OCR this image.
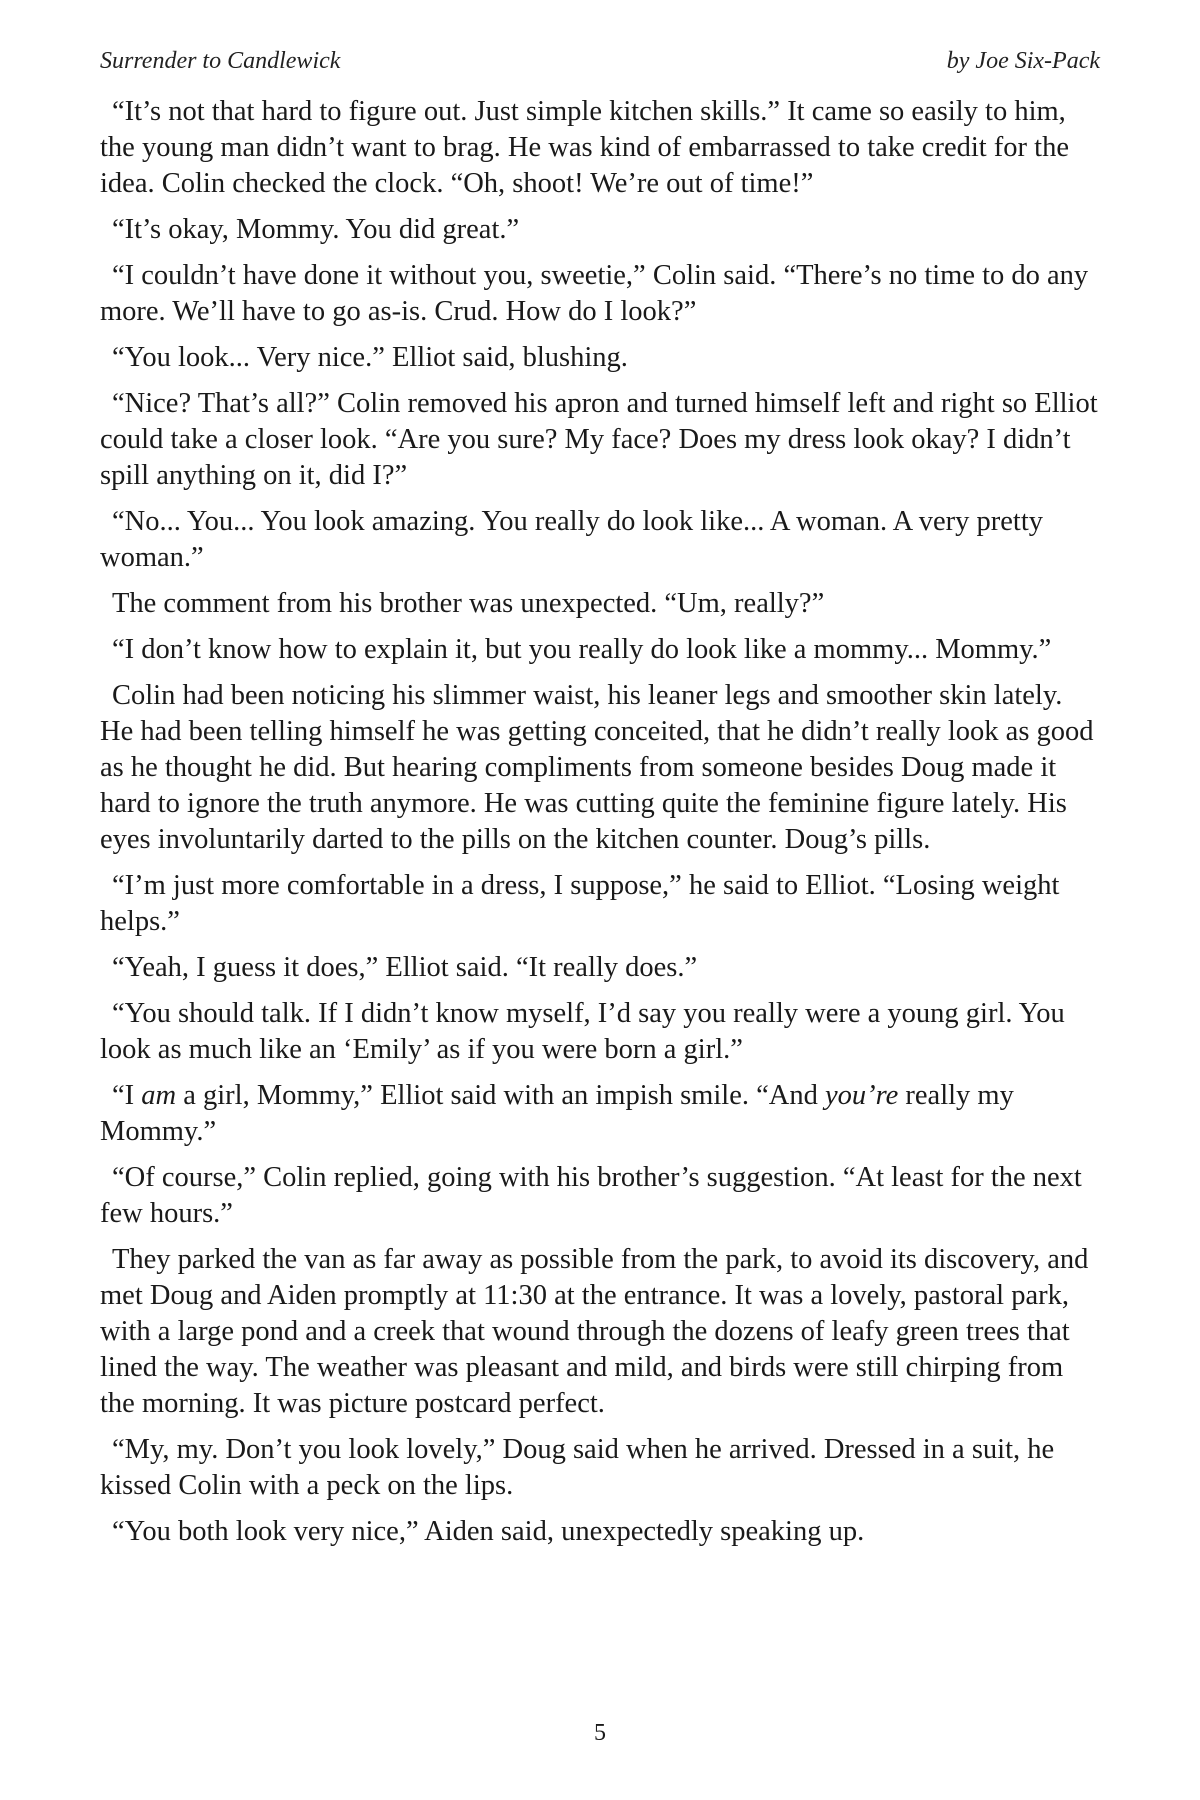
Surrender to Candlewick	by Joe Six-Pack

“It’s not that hard to figure out. Just simple kitchen skills.” It came so easily to him, the young man didn’t want to brag. He was kind of embarrassed to take credit for the idea. Colin checked the clock. “Oh, shoot! We’re out of time!”

“It’s okay, Mommy. You did great.”

“I couldn’t have done it without you, sweetie,” Colin said. “There’s no time to do any more. We’ll have to go as-is. Crud. How do I look?”

“You look... Very nice.” Elliot said, blushing.

“Nice? That’s all?” Colin removed his apron and turned himself left and right so Elliot could take a closer look. “Are you sure? My face? Does my dress look okay? I didn’t spill anything on it, did I?”

“No... You... You look amazing. You really do look like... A woman. A very pretty woman.”

The comment from his brother was unexpected. “Um, really?”

“I don’t know how to explain it, but you really do look like a mommy... Mommy.”

Colin had been noticing his slimmer waist, his leaner legs and smoother skin lately. He had been telling himself he was getting conceited, that he didn’t really look as good as he thought he did. But hearing compliments from someone besides Doug made it hard to ignore the truth anymore. He was cutting quite the feminine figure lately. His eyes involuntarily darted to the pills on the kitchen counter. Doug’s pills.

“I’m just more comfortable in a dress, I suppose,” he said to Elliot. “Losing weight helps.”

“Yeah, I guess it does,” Elliot said. “It really does.”

“You should talk. If I didn’t know myself, I’d say you really were a young girl. You look as much like an ‘Emily’ as if you were born a girl.”

“I am a girl, Mommy,” Elliot said with an impish smile. “And you’re really my Mommy.”

“Of course,” Colin replied, going with his brother’s suggestion. “At least for the next few hours.”

They parked the van as far away as possible from the park, to avoid its discovery, and met Doug and Aiden promptly at 11:30 at the entrance. It was a lovely, pastoral park, with a large pond and a creek that wound through the dozens of leafy green trees that lined the way. The weather was pleasant and mild, and birds were still chirping from the morning. It was picture postcard perfect.

“My, my. Don’t you look lovely,” Doug said when he arrived. Dressed in a suit, he kissed Colin with a peck on the lips.

“You both look very nice,” Aiden said, unexpectedly speaking up.

5
